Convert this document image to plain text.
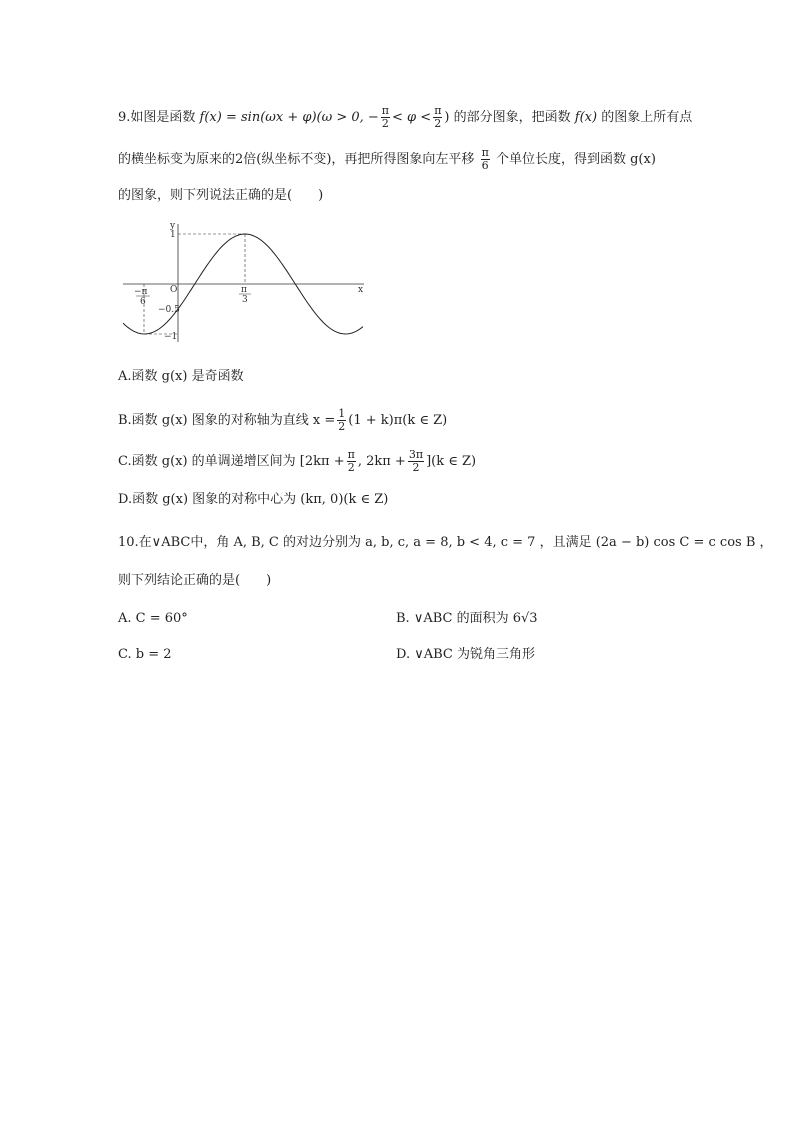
9.如图是函数 f(x) = sin(ωx + φ)(ω > 0, − $\frac{\pi}{2} < \varphi < \frac{\pi}{2}$ ) 的部分图象，把函数 f(x) 的图象上所有点
的横坐标变为原来的2倍(纵坐标不变)，再把所得图象向左平移 $\frac{\pi}{6}$ 个单位长度，得到函数 g(x)
的图象，则下列说法正确的是(　　)
y
x
O
1
−0.5
−1
−π
6
π
3
A.函数 g(x) 是奇函数
B.函数 g(x) 图象的对称轴为直线 $x = \frac{1}{2} (1 + k)\pi(k$ ∈ Z)
C.函数 g(x) 的单调递增区间为 [$2k\pi + \frac{\pi}{2}$ , $2k\pi + \frac{3\pi}{2} ](k$ ∈ Z)
D.函数 g(x) 图象的对称中心为 (kπ, 0)(k ∈ Z)
10.在∨ABC中，角 A, B, C 的对边分别为 a, b, c, a = 8, b < 4, c = 7 ，且满足 (2a − b) cos C = c cos B ，
则下列结论正确的是(　　)
A. C = 60°	B. ∨ABC 的面积为 6√3
C. b = 2	D. ∨ABC 为锐角三角形
